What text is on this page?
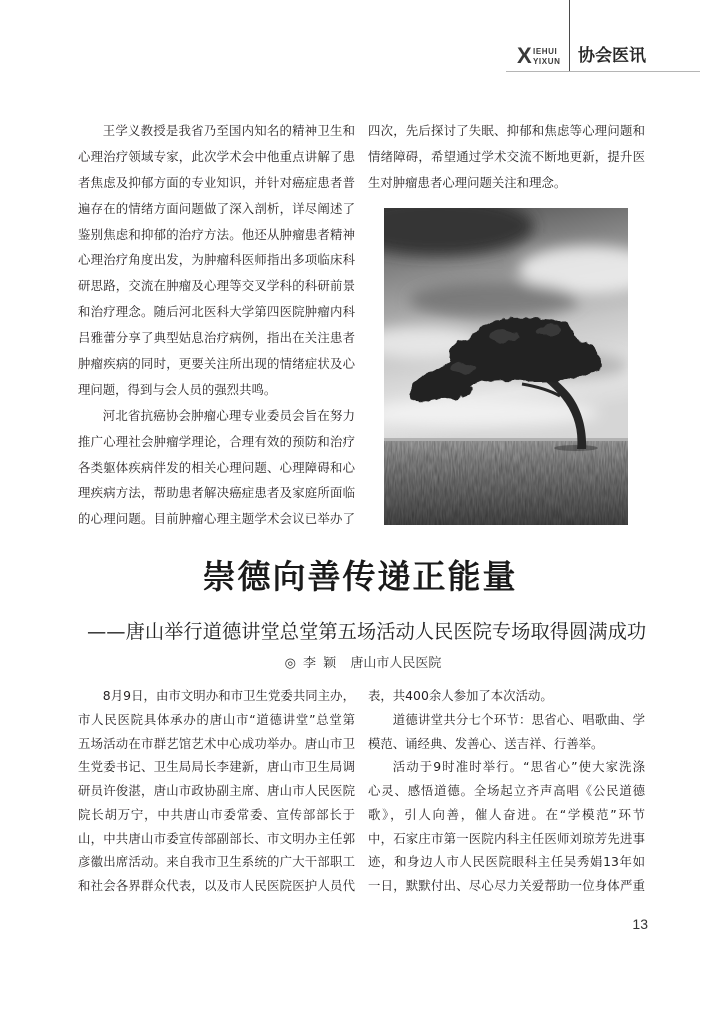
X IEHUI
YIXUN 协会医讯
王学义教授是我省乃至国内知名的精神卫生和
心理治疗领域专家，此次学术会中他重点讲解了患
者焦虑及抑郁方面的专业知识，并针对癌症患者普
遍存在的情绪方面问题做了深入剖析，详尽阐述了
鉴别焦虑和抑郁的治疗方法。他还从肿瘤患者精神
心理治疗角度出发，为肿瘤科医师指出多项临床科
研思路，交流在肿瘤及心理等交叉学科的科研前景
和治疗理念。随后河北医科大学第四医院肿瘤内科
吕雅蕾分享了典型姑息治疗病例，指出在关注患者
肿瘤疾病的同时，更要关注所出现的情绪症状及心
理问题，得到与会人员的强烈共鸣。
河北省抗癌协会肿瘤心理专业委员会旨在努力
推广心理社会肿瘤学理论，合理有效的预防和治疗
各类躯体疾病伴发的相关心理问题、心理障碍和心
理疾病方法，帮助患者解决癌症患者及家庭所面临
的心理问题。目前肿瘤心理主题学术会议已举办了
四次，先后探讨了失眠、抑郁和焦虑等心理问题和
情绪障碍，希望通过学术交流不断地更新，提升医
生对肿瘤患者心理问题关注和理念。
崇德向善传递正能量
——唐山举行道德讲堂总堂第五场活动人民医院专场取得圆满成功
◎ 李 颖  唐山市人民医院
8月9日，由市文明办和市卫生党委共同主办，
市人民医院具体承办的唐山市“道德讲堂”总堂第
五场活动在市群艺馆艺术中心成功举办。唐山市卫
生党委书记、卫生局局长李建新，唐山市卫生局调
研员许俊湛，唐山市政协副主席、唐山市人民医院
院长胡万宁，中共唐山市委常委、宣传部部长于
山，中共唐山市委宣传部副部长、市文明办主任郭
彦徽出席活动。来自我市卫生系统的广大干部职工
和社会各界群众代表，以及市人民医院医护人员代
表，共400余人参加了本次活动。
道德讲堂共分七个环节：思省心、唱歌曲、学
模范、诵经典、发善心、送吉祥、行善举。
活动于9时准时举行。“思省心”使大家洗涤
心灵、感悟道德。全场起立齐声高唱《公民道德
歌》，引人向善，催人奋进。在“学模范”环节
中，石家庄市第一医院内科主任医师刘琼芳先进事
迹，和身边人市人民医院眼科主任吴秀娟13年如
一日，默默付出、尽心尽力关爱帮助一位身体严重
13
